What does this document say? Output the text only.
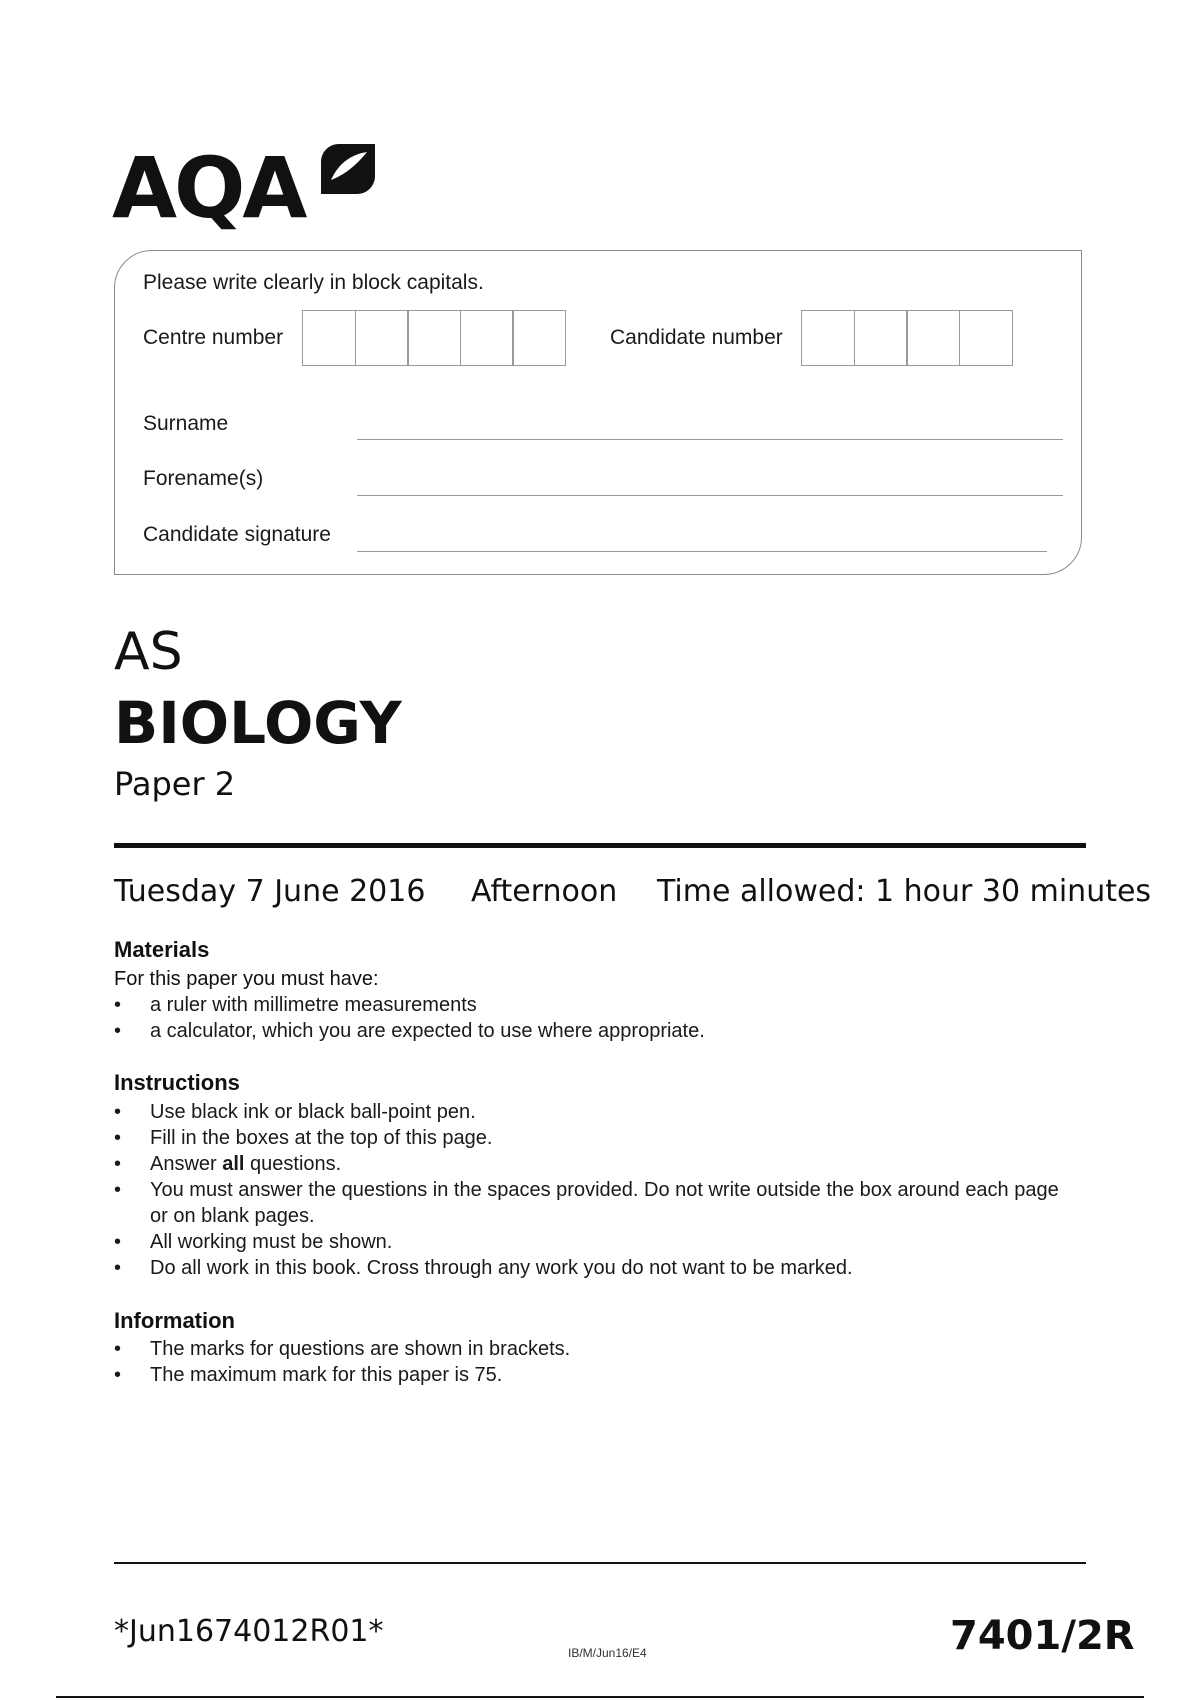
AQA
Please write clearly in block capitals.
Centre number	Candidate number
Surname
Forename(s)
Candidate signature
AS
BIOLOGY
Paper 2
Tuesday 7 June 2016 Afternoon Time allowed: 1 hour 30 minutes
Materials
For this paper you must have:
• a ruler with millimetre measurements
• a calculator, which you are expected to use where appropriate.
Instructions
• Use black ink or black ball-point pen.
• Fill in the boxes at the top of this page.
• Answer all questions.
• You must answer the questions in the spaces provided. Do not write outside the box around each page or on blank pages.
• All working must be shown.
• Do all work in this book. Cross through any work you do not want to be marked.
Information
• The marks for questions are shown in brackets.
• The maximum mark for this paper is 75.
*Jun1674012R01*
IB/M/Jun16/E4	7401/2R
